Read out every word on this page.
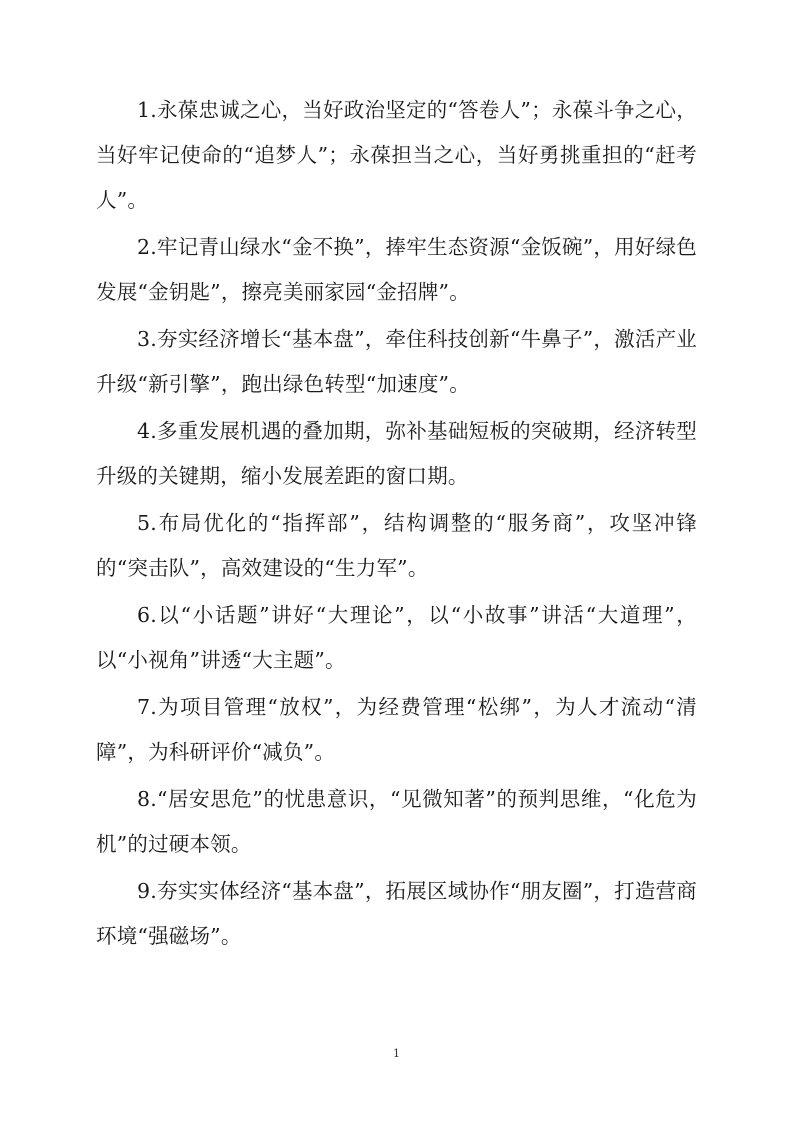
1.永葆忠诚之心，当好政治坚定的“答卷人”；永葆斗争之心，当好牢记使命的“追梦人”；永葆担当之心，当好勇挑重担的“赶考人”。

2.牢记青山绿水“金不换”，捧牢生态资源“金饭碗”，用好绿色发展“金钥匙”，擦亮美丽家园“金招牌”。

3.夯实经济增长“基本盘”，牵住科技创新“牛鼻子”，激活产业升级“新引擎”，跑出绿色转型“加速度”。

4.多重发展机遇的叠加期，弥补基础短板的突破期，经济转型升级的关键期，缩小发展差距的窗口期。

5.布局优化的“指挥部”，结构调整的“服务商”，攻坚冲锋的“突击队”，高效建设的“生力军”。

6.以“小话题”讲好“大理论”，以“小故事”讲活“大道理”，以“小视角”讲透“大主题”。

7.为项目管理“放权”，为经费管理“松绑”，为人才流动“清障”，为科研评价“减负”。

8.“居安思危”的忧患意识，“见微知著”的预判思维，“化危为机”的过硬本领。

9.夯实实体经济“基本盘”，拓展区域协作“朋友圈”，打造营商环境“强磁场”。

1
